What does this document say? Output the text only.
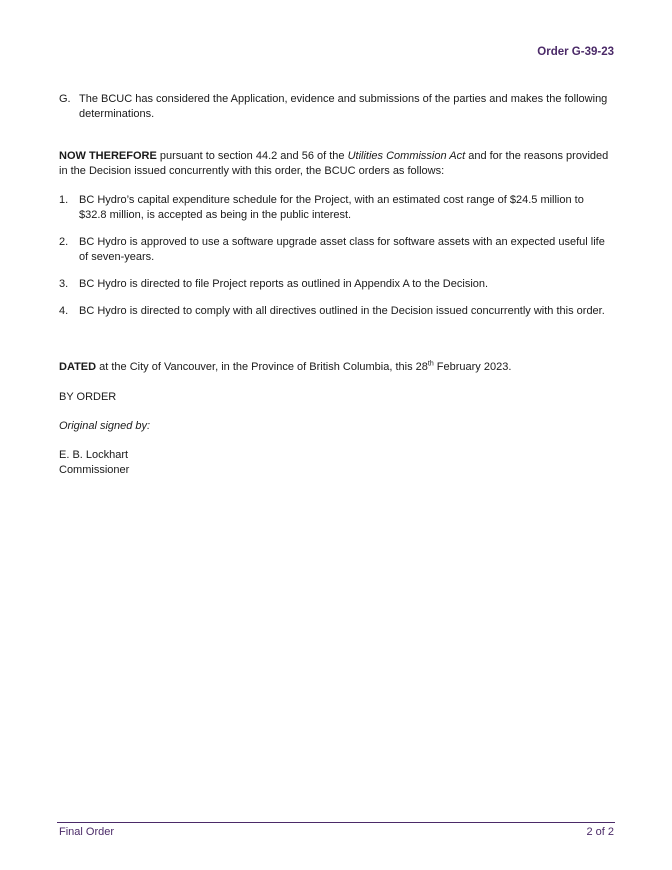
Order G-39-23
G. The BCUC has considered the Application, evidence and submissions of the parties and makes the following determinations.
NOW THEREFORE pursuant to section 44.2 and 56 of the Utilities Commission Act and for the reasons provided in the Decision issued concurrently with this order, the BCUC orders as follows:
1. BC Hydro’s capital expenditure schedule for the Project, with an estimated cost range of $24.5 million to $32.8 million, is accepted as being in the public interest.
2. BC Hydro is approved to use a software upgrade asset class for software assets with an expected useful life of seven-years.
3. BC Hydro is directed to file Project reports as outlined in Appendix A to the Decision.
4. BC Hydro is directed to comply with all directives outlined in the Decision issued concurrently with this order.
DATED at the City of Vancouver, in the Province of British Columbia, this 28th February 2023.
BY ORDER
Original signed by:
E. B. Lockhart
Commissioner
Final Order	2 of 2
